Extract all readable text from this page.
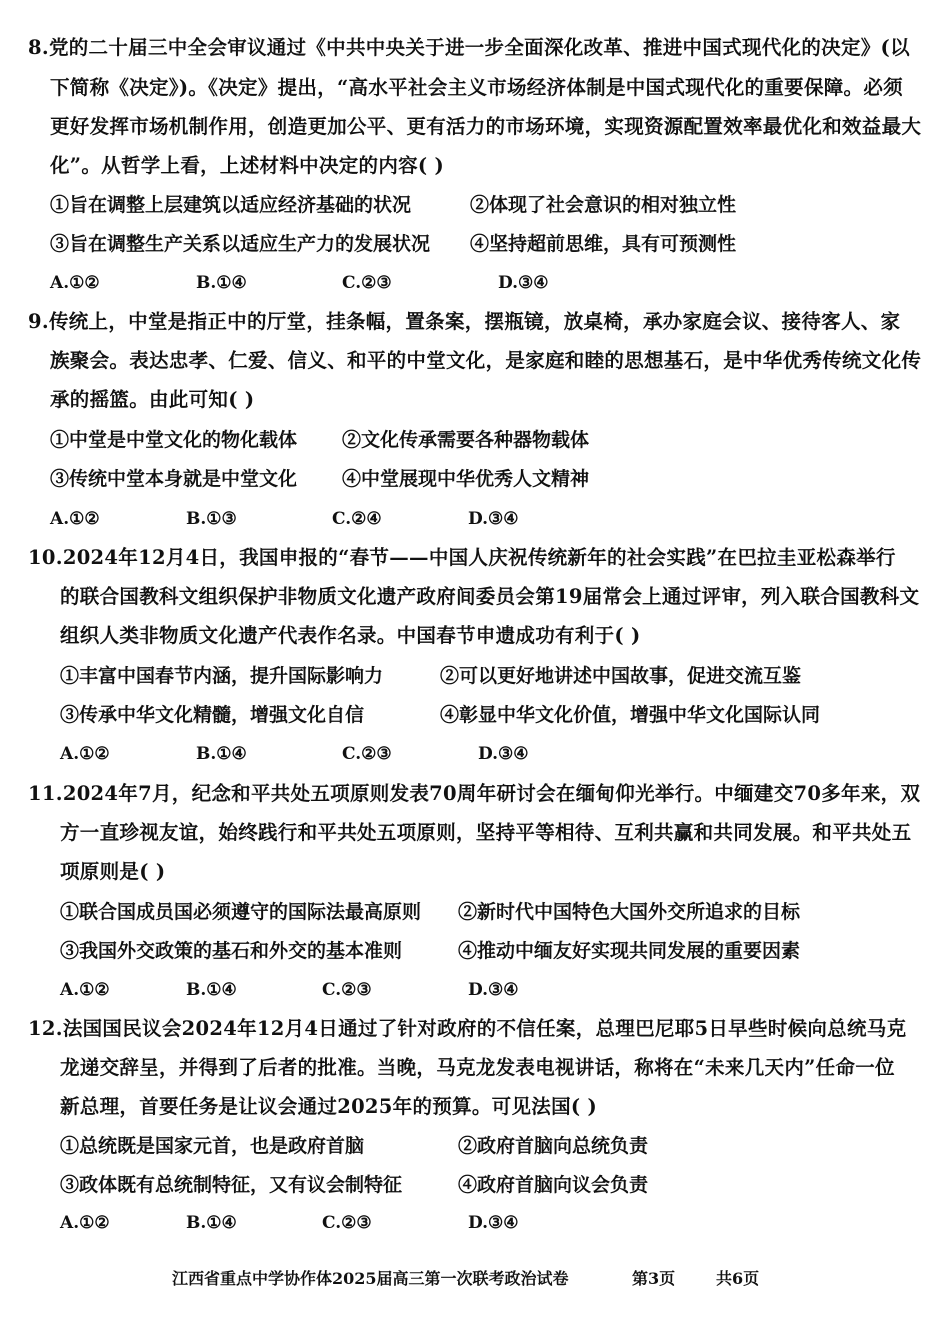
8.党的二十届三中全会审议通过《中共中央关于进一步全面深化改革、推进中国式现代化的决定》(以
下简称《决定》)。《决定》提出，“高水平社会主义市场经济体制是中国式现代化的重要保障。必须
更好发挥市场机制作用，创造更加公平、更有活力的市场环境，实现资源配置效率最优化和效益最大
化”。从哲学上看，上述材料中决定的内容( )
①旨在调整上层建筑以适应经济基础的状况	②体现了社会意识的相对独立性
③旨在调整生产关系以适应生产力的发展状况 ④坚持超前思维，具有可预测性
A.①②	B.①④	C.②③	D.③④
9.传统上，中堂是指正中的厅堂，挂条幅，置条案，摆瓶镜，放桌椅，承办家庭会议、接待客人、家
族聚会。表达忠孝、仁爱、信义、和平的中堂文化，是家庭和睦的思想基石，是中华优秀传统文化传
承的摇篮。由此可知( )
①中堂是中堂文化的物化载体 ②文化传承需要各种器物载体
③传统中堂本身就是中堂文化 ④中堂展现中华优秀人文精神
A.①②	B.①③	C.②④	D.③④
10.2024年12月4日，我国申报的“春节——中国人庆祝传统新年的社会实践”在巴拉圭亚松森举行
的联合国教科文组织保护非物质文化遗产政府间委员会第19届常会上通过评审，列入联合国教科文
组织人类非物质文化遗产代表作名录。中国春节申遗成功有利于( )
①丰富中国春节内涵，提升国际影响力	②可以更好地讲述中国故事，促进交流互鉴
③传承中华文化精髓，增强文化自信	④彰显中华文化价值，增强中华文化国际认同
A.①②	B.①④	C.②③	D.③④
11.2024年7月，纪念和平共处五项原则发表70周年研讨会在缅甸仰光举行。中缅建交70多年来，双
方一直珍视友谊，始终践行和平共处五项原则，坚持平等相待、互利共赢和共同发展。和平共处五
项原则是( )
①联合国成员国必须遵守的国际法最高原则 ②新时代中国特色大国外交所追求的目标
③我国外交政策的基石和外交的基本准则	④推动中缅友好实现共同发展的重要因素
A.①②	B.①④	C.②③	D.③④
12.法国国民议会2024年12月4日通过了针对政府的不信任案，总理巴尼耶5日早些时候向总统马克
龙递交辞呈，并得到了后者的批准。当晚，马克龙发表电视讲话，称将在“未来几天内”任命一位
新总理，首要任务是让议会通过2025年的预算。可见法国( )
①总统既是国家元首，也是政府首脑	②政府首脑向总统负责
③政体既有总统制特征，又有议会制特征	④政府首脑向议会负责
A.①②	B.①④	C.②③	D.③④
江西省重点中学协作体2025届高三第一次联考政治试卷	第3页	共6页
